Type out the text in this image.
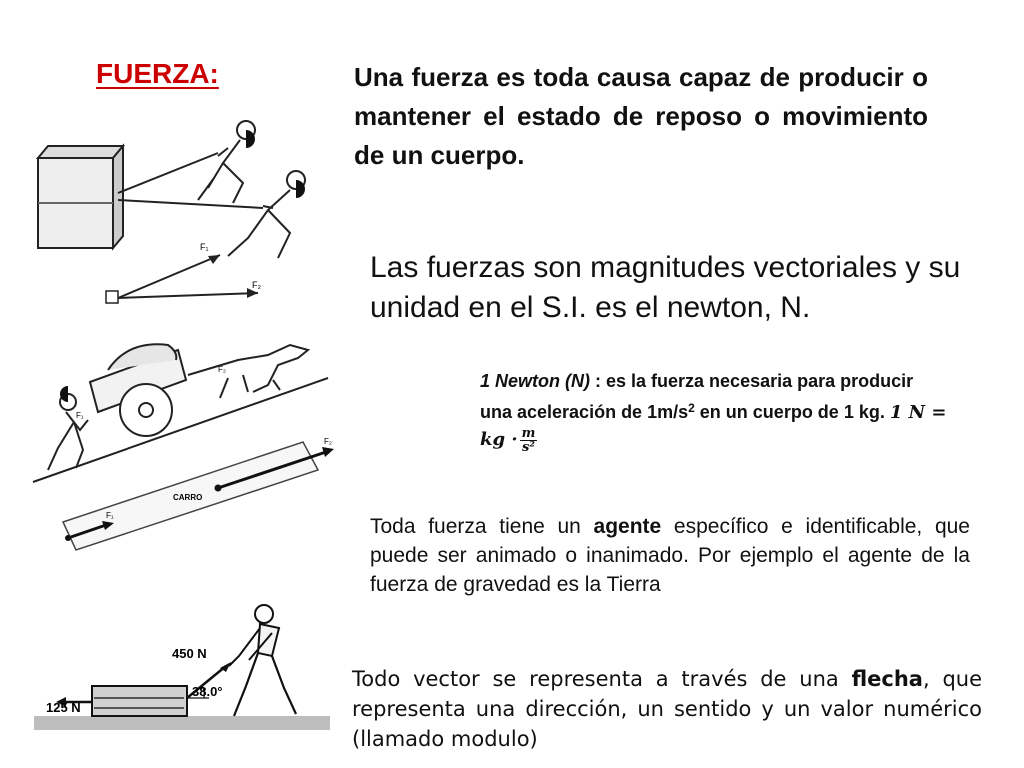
FUERZA:	Una fuerza es toda causa capaz de producir o mantener el estado de reposo o movimiento de un cuerpo.
Las fuerzas son magnitudes vectoriales y su unidad en el S.I. es el newton, N.
1 Newton (N) : es la fuerza necesaria para producir una aceleración de $1m/s^2$ en un cuerpo de 1 kg. 1 N = kg · $\frac{m}{\text{s²}}$
Toda fuerza tiene un agente específico e identificable, que puede ser animado o inanimado. Por ejemplo el agente de la fuerza de gravedad es la Tierra
Todo vector se representa a través de una flecha, que representa una dirección, un sentido y un valor numérico (llamado modulo)
F₁
F₂
F₁
F₂
CARRO
F₁
F₂
450 N
125 N
38.0°
